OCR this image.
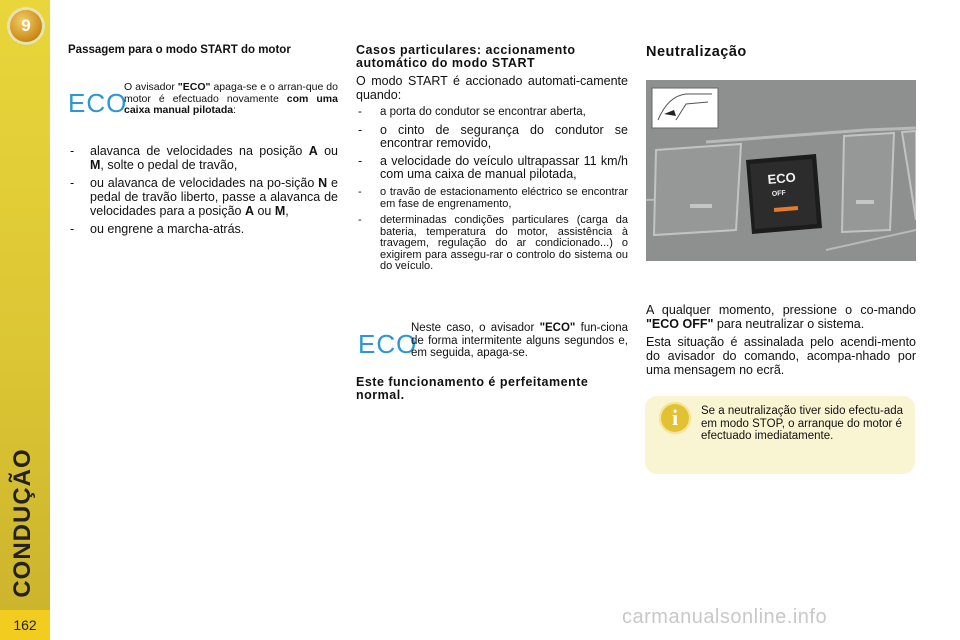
9
CONDUÇÃO
162

Passagem para o modo START do motor

ECO
O avisador "ECO" apaga-se e o arran-que do motor é efectuado novamente com uma caixa manual pilotada:
- alavanca de velocidades na posição A ou M, solte o pedal de travão,
- ou alavanca de velocidades na po-sição N e pedal de travão liberto, passe a alavanca de velocidades para a posição A ou M,
- ou engrene a marcha-atrás.

Casos particulares: accionamento automático do modo START

O modo START é accionado automati-camente quando:

- a porta do condutor se encontrar aberta,
- o cinto de segurança do condutor se encontrar removido,
- a velocidade do veículo ultrapassar 11 km/h com uma caixa de manual pilotada,
- o travão de estacionamento eléctrico se encontrar em fase de engrenamento,
- determinadas condições particulares (carga da bateria, temperatura do motor, assistência à travagem, regulação do ar condicionado...) o exigirem para assegu-rar o controlo do sistema ou do veículo.
ECO
Neste caso, o avisador "ECO" fun-ciona de forma intermitente alguns segundos e, em seguida, apaga-se.

Este funcionamento é perfeitamente normal.

Neutralização

ECO
OFF

A qualquer momento, pressione o co-mando "ECO OFF" para neutralizar o sistema.

Esta situação é assinalada pelo acendi-mento do avisador do comando, acompa-nhado por uma mensagem no ecrã.

i	Se a neutralização tiver sido efectu-ada em modo STOP, o arranque do motor é efectuado imediatamente.
carmanualsonline.info
